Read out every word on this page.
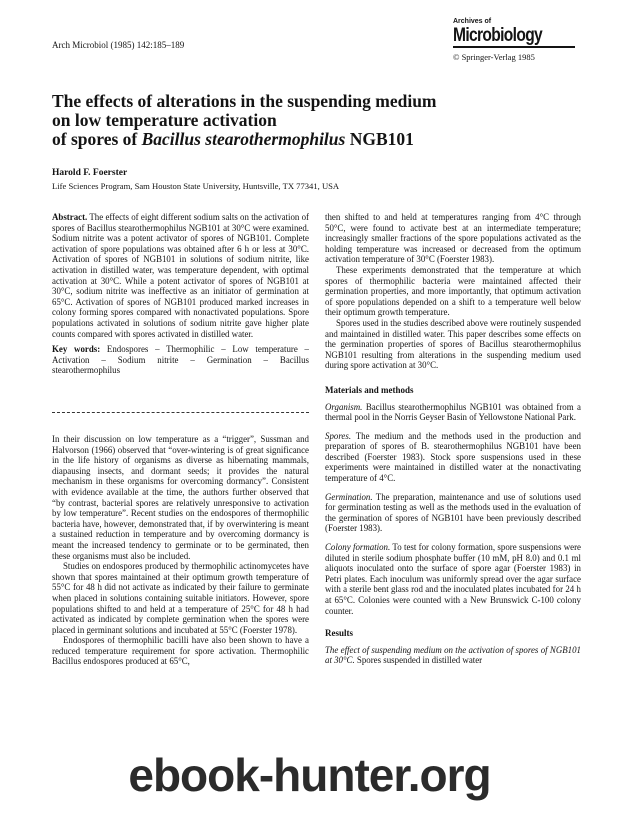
Arch Microbiol (1985) 142:185–189
Archives of
Microbiology
© Springer-Verlag 1985
The effects of alterations in the suspending medium
on low temperature activation
of spores of Bacillus stearothermophilus NGB101
Harold F. Foerster
Life Sciences Program, Sam Houston State University, Huntsville, TX 77341, USA

Abstract. The effects of eight different sodium salts on the activation of spores of Bacillus stearothermophilus NGB101 at 30°C were examined. Sodium nitrite was a potent activator of spores of NGB101. Complete activation of spore populations was obtained after 6 h or less at 30°C. Activation of spores of NGB101 in solutions of sodium nitrite, like activation in distilled water, was temperature dependent, with optimal activation at 30°C. While a potent activator of spores of NGB101 at 30°C, sodium nitrite was ineffective as an initiator of germination at 65°C. Activation of spores of NGB101 produced marked increases in colony forming spores compared with nonactivated populations. Spore populations activated in solutions of sodium nitrite gave higher plate counts compared with spores activated in distilled water.

Key words: Endospores – Thermophilic – Low temperature – Activation – Sodium nitrite – Germination – Bacillus stearothermophilus

In their discussion on low temperature as a “trigger”, Sussman and Halvorson (1966) observed that “over-wintering is of great significance in the life history of organisms as diverse as hibernating mammals, diapausing insects, and dormant seeds; it provides the natural mechanism in these organisms for overcoming dormancy”. Consistent with evidence available at the time, the authors further observed that “by contrast, bacterial spores are relatively unresponsive to activation by low temperature”. Recent studies on the endospores of thermophilic bacteria have, however, demonstrated that, if by overwintering is meant a sustained reduction in temperature and by overcoming dormancy is meant the increased tendency to germinate or to be germinated, then these organisms must also be included.

Studies on endospores produced by thermophilic actinomycetes have shown that spores maintained at their optimum growth temperature of 55°C for 48 h did not activate as indicated by their failure to germinate when placed in solutions containing suitable initiators. However, spore populations shifted to and held at a temperature of 25°C for 48 h had activated as indicated by complete germination when the spores were placed in germinant solutions and incubated at 55°C (Foerster 1978).

Endospores of thermophilic bacilli have also been shown to have a reduced temperature requirement for spore activation. Thermophilic Bacillus endospores produced at 65°C,

then shifted to and held at temperatures ranging from 4°C through 50°C, were found to activate best at an intermediate temperature; increasingly smaller fractions of the spore populations activated as the holding temperature was increased or decreased from the optimum activation temperature of 30°C (Foerster 1983).

These experiments demonstrated that the temperature at which spores of thermophilic bacteria were maintained affected their germination properties, and more importantly, that optimum activation of spore populations depended on a shift to a temperature well below their optimum growth temperature.

Spores used in the studies described above were routinely suspended and maintained in distilled water. This paper describes some effects on the germination properties of spores of Bacillus stearothermophilus NGB101 resulting from alterations in the suspending medium used during spore activation at 30°C.

Materials and methods

Organism. Bacillus stearothermophilus NGB101 was obtained from a thermal pool in the Norris Geyser Basin of Yellowstone National Park.

Spores. The medium and the methods used in the production and preparation of spores of B. stearothermophilus NGB101 have been described (Foerster 1983). Stock spore suspensions used in these experiments were maintained in distilled water at the nonactivating temperature of 4°C.

Germination. The preparation, maintenance and use of solutions used for germination testing as well as the methods used in the evaluation of the germination of spores of NGB101 have been previously described (Foerster 1983).

Colony formation. To test for colony formation, spore suspensions were diluted in sterile sodium phosphate buffer (10 mM, pH 8.0) and 0.1 ml aliquots inoculated onto the surface of spore agar (Foerster 1983) in Petri plates. Each inoculum was uniformly spread over the agar surface with a sterile bent glass rod and the inoculated plates incubated for 24 h at 65°C. Colonies were counted with a New Brunswick C-100 colony counter.

Results

The effect of suspending medium on the activation of spores of NGB101 at 30°C. Spores suspended in distilled water

ebook-hunter.org
